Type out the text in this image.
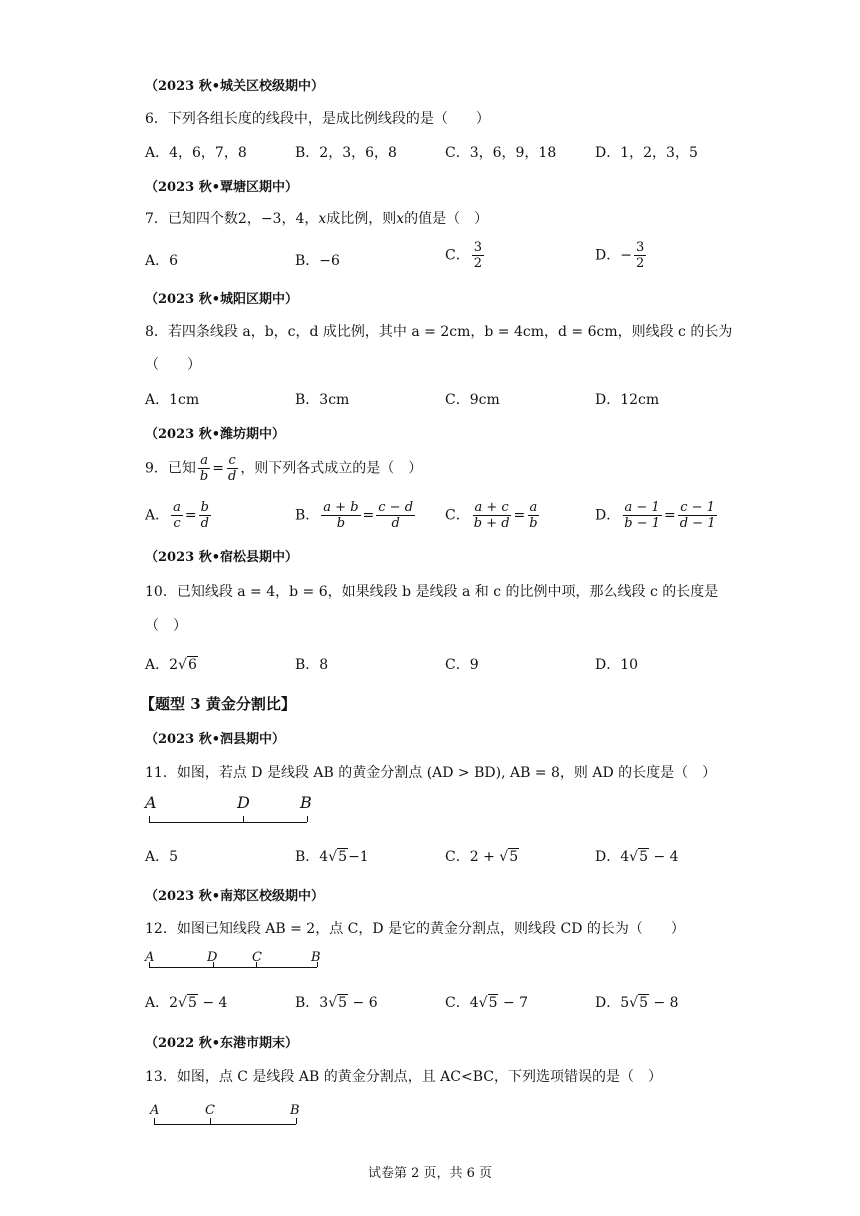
（2023 秋•城关区校级期中）
6．下列各组长度的线段中，是成比例线段的是（　　）
A．4，6，7，8	B．2，3，6，8	C．3，6，9，18	D．1，2，3，5
（2023 秋•覃塘区期中）
7．已知四个数2，−3，4，x成比例，则x的值是（　）
A．6	B．−6	C． $\frac{3}{2}$	D．− $\frac{3}{2}$
（2023 秋•城阳区期中）
8．若四条线段 a，b，c，d 成比例，其中 a = 2cm，b = 4cm，d = 6cm，则线段 c 的长为
（　　）
A．1cm	B．3cm	C．9cm	D．12cm
（2023 秋•潍坊期中）
9．已知 $\frac{a}{b} = \frac{c}{d}$ ，则下列各式成立的是（　）
A． $\frac{a}{c} = \frac{b}{d}$	B． $\frac{a + b}{b} = \frac{c - d}{d}$ C． $\frac{a + c}{b + d} = \frac{a}{b}$	D． $\frac{a - 1}{b - 1} = \frac{c - 1}{d - 1}$
（2023 秋•宿松县期中）
10．已知线段 a = 4，b = 6，如果线段 b 是线段 a 和 c 的比例中项，那么线段 c 的长度是
（　）
A．2√6	B．8	C．9	D．10
【题型 3 黄金分割比】
（2023 秋•泗县期中）
11．如图，若点 D 是线段 AB 的黄金分割点 (AD > BD), AB = 8，则 AD 的长度是（　）
A	D	B
A．5	B．4√5−1	C．2 + √5	D．4√5 − 4
（2023 秋•南郑区校级期中）
12．如图已知线段 AB = 2，点 C，D 是它的黄金分割点，则线段 CD 的长为（　　）
A	D	C	B
A．2√5 − 4	B．3√5 − 6	C．4√5 − 7	D．5√5 − 8
（2022 秋•东港市期末）
13．如图，点 C 是线段 AB 的黄金分割点，且 AC<BC，下列选项错误的是（　）
A	C	B
试卷第 2 页，共 6 页
